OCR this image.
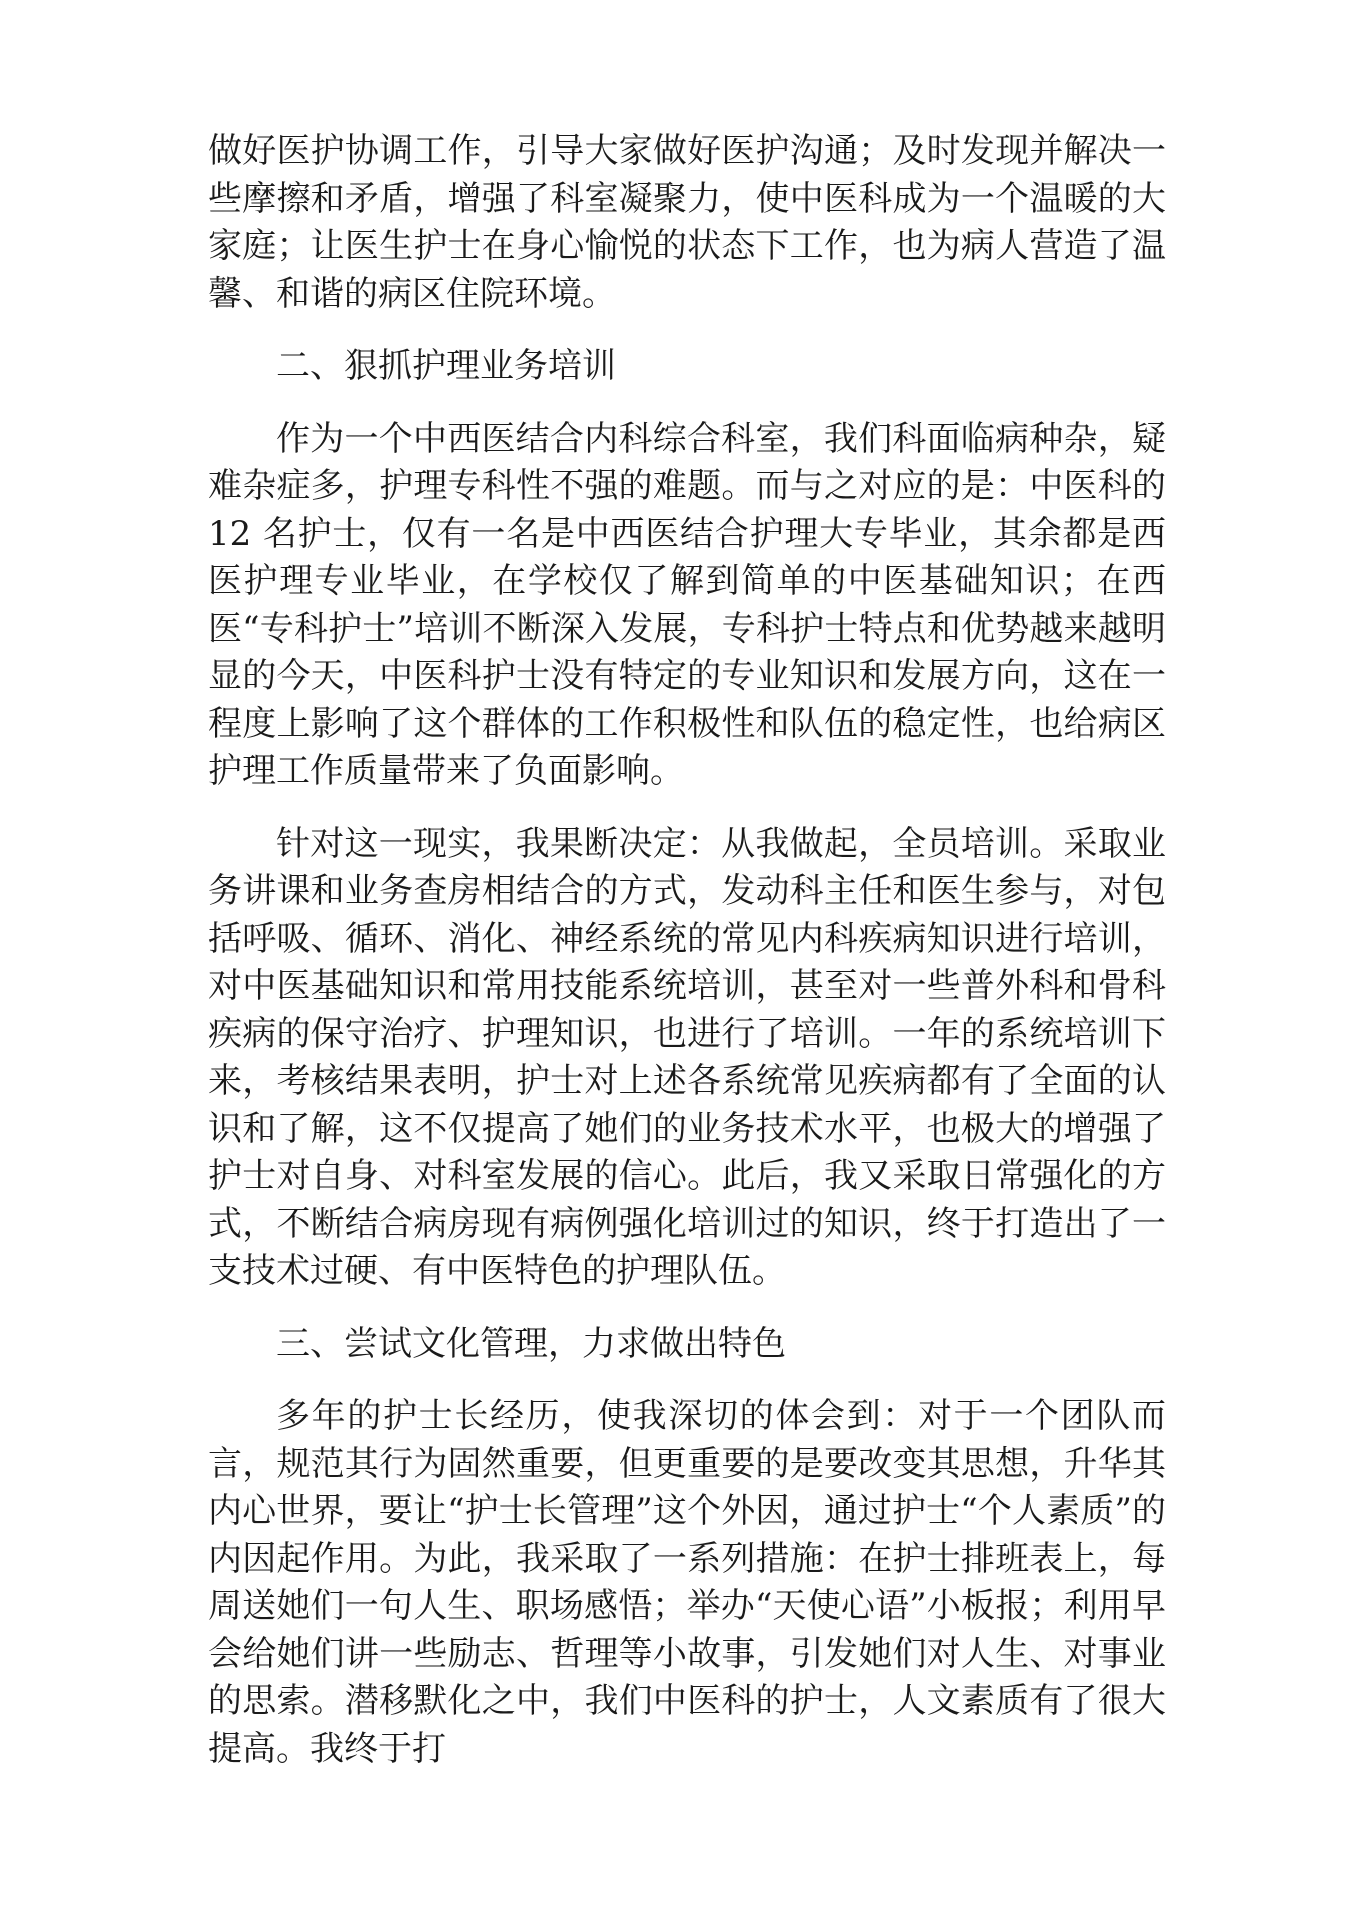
做好医护协调工作，引导大家做好医护沟通；及时发现并解决一些摩擦和矛盾，增强了科室凝聚力，使中医科成为一个温暖的大家庭；让医生护士在身心愉悦的状态下工作，也为病人营造了温馨、和谐的病区住院环境。

二、狠抓护理业务培训

作为一个中西医结合内科综合科室，我们科面临病种杂，疑难杂症多，护理专科性不强的难题。而与之对应的是：中医科的 12 名护士，仅有一名是中西医结合护理大专毕业，其余都是西医护理专业毕业，在学校仅了解到简单的中医基础知识；在西医“专科护士”培训不断深入发展，专科护士特点和优势越来越明显的今天，中医科护士没有特定的专业知识和发展方向，这在一程度上影响了这个群体的工作积极性和队伍的稳定性，也给病区护理工作质量带来了负面影响。

针对这一现实，我果断决定：从我做起，全员培训。采取业务讲课和业务查房相结合的方式，发动科主任和医生参与，对包括呼吸、循环、消化、神经系统的常见内科疾病知识进行培训，对中医基础知识和常用技能系统培训，甚至对一些普外科和骨科疾病的保守治疗、护理知识，也进行了培训。一年的系统培训下来，考核结果表明，护士对上述各系统常见疾病都有了全面的认识和了解，这不仅提高了她们的业务技术水平，也极大的增强了护士对自身、对科室发展的信心。此后，我又采取日常强化的方式，不断结合病房现有病例强化培训过的知识，终于打造出了一支技术过硬、有中医特色的护理队伍。

三、尝试文化管理，力求做出特色

多年的护士长经历，使我深切的体会到：对于一个团队而言，规范其行为固然重要，但更重要的是要改变其思想，升华其内心世界，要让“护士长管理”这个外因，通过护士“个人素质”的内因起作用。为此，我采取了一系列措施：在护士排班表上，每周送她们一句人生、职场感悟；举办“天使心语”小板报；利用早会给她们讲一些励志、哲理等小故事，引发她们对人生、对事业的思索。潜移默化之中，我们中医科的护士，人文素质有了很大提高。我终于打
